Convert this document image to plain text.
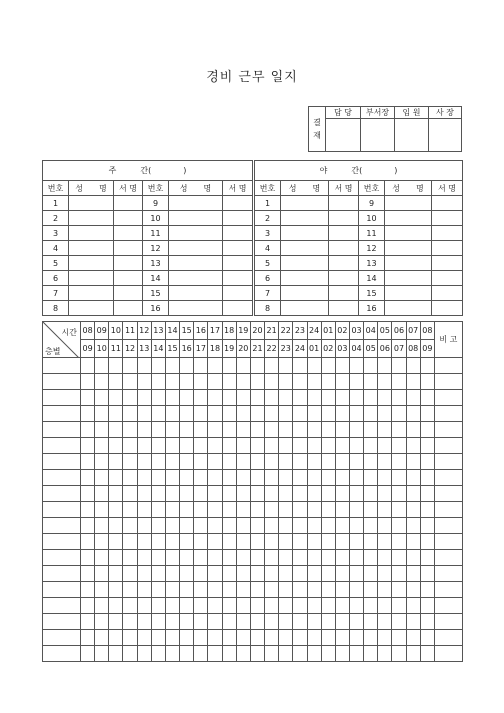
경비 근무 일지
결
재	담 당	부서장	임 원	사 장

주　　　간(　　　　)					
번호	성　　명	서 명	번호	성　　명	서 명
1			9		
2			10		
3			11		
4			12		
5			13		
6			14		
7			15		
8			16		
야　　　간(　　　　)					
번호	성　　명	서 명	번호	성　　명	서 명
1			9		
2			10		
3			11		
4			12		
5			13		
6			14		
7			15		
8			16		
시간
층별	08	09	10	11	12	13	14	15	16	17	18	19	20	21	22	23	24	01	02	03	04	05	06	07	08	비 고
	09	10	11	12	13	14	15	16	17	18	19	20	21	22	23	24	01	02	03	04	05	06	07	08	09	
